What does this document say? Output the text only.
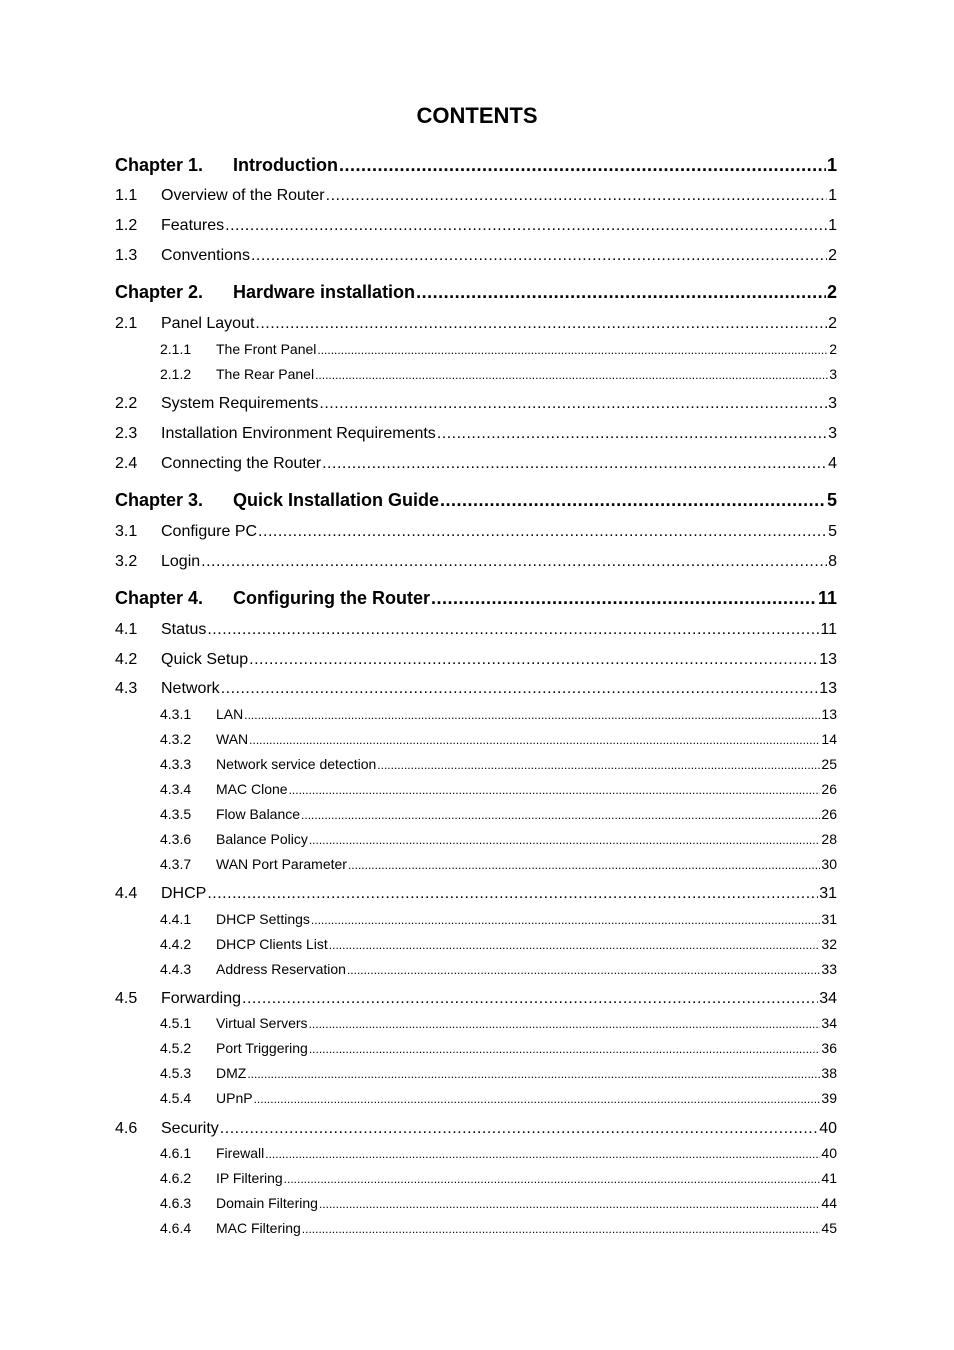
CONTENTS
Chapter 1.	Introduction .....	1
1.1	Overview of the Router .....	1
1.2	Features .....	1
1.3	Conventions .....	2
Chapter 2.	Hardware installation .....	2
2.1	Panel Layout .....	2
2.1.1	The Front Panel .....	2
2.1.2	The Rear Panel .....	3
2.2	System Requirements .....	3
2.3	Installation Environment Requirements .....	3
2.4	Connecting the Router .....	4
Chapter 3.	Quick Installation Guide .....	5
3.1	Configure PC .....	5
3.2	Login .....	8
Chapter 4.	Configuring the Router .....	11
4.1	Status .....	11
4.2	Quick Setup .....	13
4.3	Network .....	13
4.3.1	LAN .....	13
4.3.2	WAN .....	14
4.3.3	Network service detection .....	25
4.3.4	MAC Clone .....	26
4.3.5	Flow Balance .....	26
4.3.6	Balance Policy .....	28
4.3.7	WAN Port Parameter .....	30
4.4	DHCP .....	31
4.4.1	DHCP Settings .....	31
4.4.2	DHCP Clients List .....	32
4.4.3	Address Reservation .....	33
4.5	Forwarding .....	34
4.5.1	Virtual Servers .....	34
4.5.2	Port Triggering .....	36
4.5.3	DMZ .....	38
4.5.4	UPnP .....	39
4.6	Security .....	40
4.6.1	Firewall .....	40
4.6.2	IP Filtering .....	41
4.6.3	Domain Filtering .....	44
4.6.4	MAC Filtering .....	45
